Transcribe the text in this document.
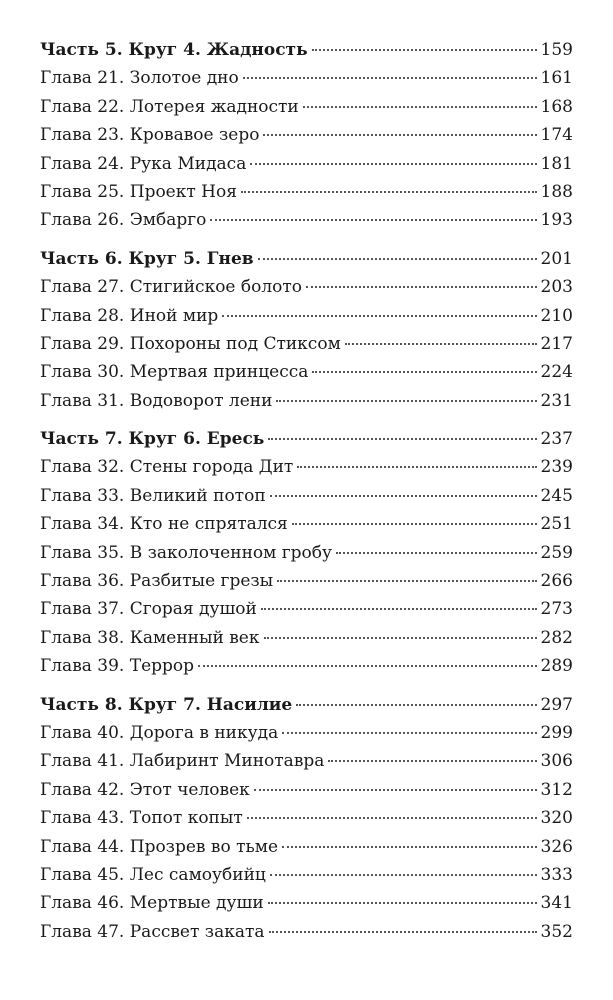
Часть 5. Круг 4. Жадность	159
Глава 21. Золотое дно	161
Глава 22. Лотерея жадности	168
Глава 23. Кровавое зеро	174
Глава 24. Рука Мидаса	181
Глава 25. Проект Ноя	188
Глава 26. Эмбарго	193
Часть 6. Круг 5. Гнев	201
Глава 27. Стигийское болото	203
Глава 28. Иной мир	210
Глава 29. Похороны под Стиксом	217
Глава 30. Мертвая принцесса	224
Глава 31. Водоворот лени	231
Часть 7. Круг 6. Ересь	237
Глава 32. Стены города Дит	239
Глава 33. Великий потоп	245
Глава 34. Кто не спрятался	251
Глава 35. В заколоченном гробу	259
Глава 36. Разбитые грезы	266
Глава 37. Сгорая душой	273
Глава 38. Каменный век	282
Глава 39. Террор	289
Часть 8. Круг 7. Насилие	297
Глава 40. Дорога в никуда	299
Глава 41. Лабиринт Минотавра	306
Глава 42. Этот человек	312
Глава 43. Топот копыт	320
Глава 44. Прозрев во тьме	326
Глава 45. Лес самоубийц	333
Глава 46. Мертвые души	341
Глава 47. Рассвет заката	352
